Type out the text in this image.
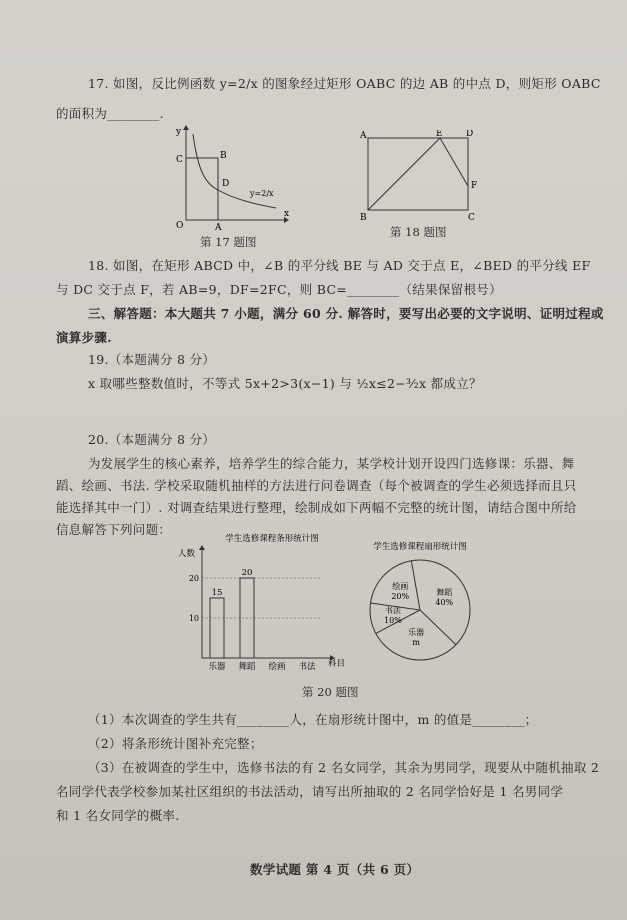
17. 如图，反比例函数 y=2/x 的图象经过矩形 OABC 的边 AB 的中点 D，则矩形 OABC
的面积为________.
y
x
O	A
B
C
D
y=2/x
第 17 题图
A	E	D
F
B	C
第 18 题图
18. 如图，在矩形 ABCD 中，∠B 的平分线 BE 与 AD 交于点 E，∠BED 的平分线 EF
与 DC 交于点 F，若 AB=9，DF=2FC，则 BC=________（结果保留根号）
三、解答题：本大题共 7 小题，满分 60 分. 解答时，要写出必要的文字说明、证明过程或
演算步骤.
19.（本题满分 8 分）
x 取哪些整数值时，不等式 5x+2>3(x−1) 与 ½x≤2−³⁄₂x 都成立？
20.（本题满分 8 分）
为发展学生的核心素养，培养学生的综合能力，某学校计划开设四门选修课：乐器、舞
蹈、绘画、书法. 学校采取随机抽样的方法进行问卷调查（每个被调查的学生必须选择而且只
能选择其中一门）. 对调查结果进行整理，绘制成如下两幅不完整的统计图，请结合图中所给
信息解答下列问题：
学生选修课程条形统计图
人数
科目
10
20
15
乐器
20
舞蹈 绘画 书法
学生选修课程扇形统计图
舞蹈
40%
乐器
m
书法
10%
绘画
20%
第 20 题图
（1）本次调查的学生共有________人，在扇形统计图中，m 的值是________；
（2）将条形统计图补充完整；
（3）在被调查的学生中，选修书法的有 2 名女同学，其余为男同学，现要从中随机抽取 2
名同学代表学校参加某社区组织的书法活动，请写出所抽取的 2 名同学恰好是 1 名男同学
和 1 名女同学的概率.
数学试题 第 4 页（共 6 页）
